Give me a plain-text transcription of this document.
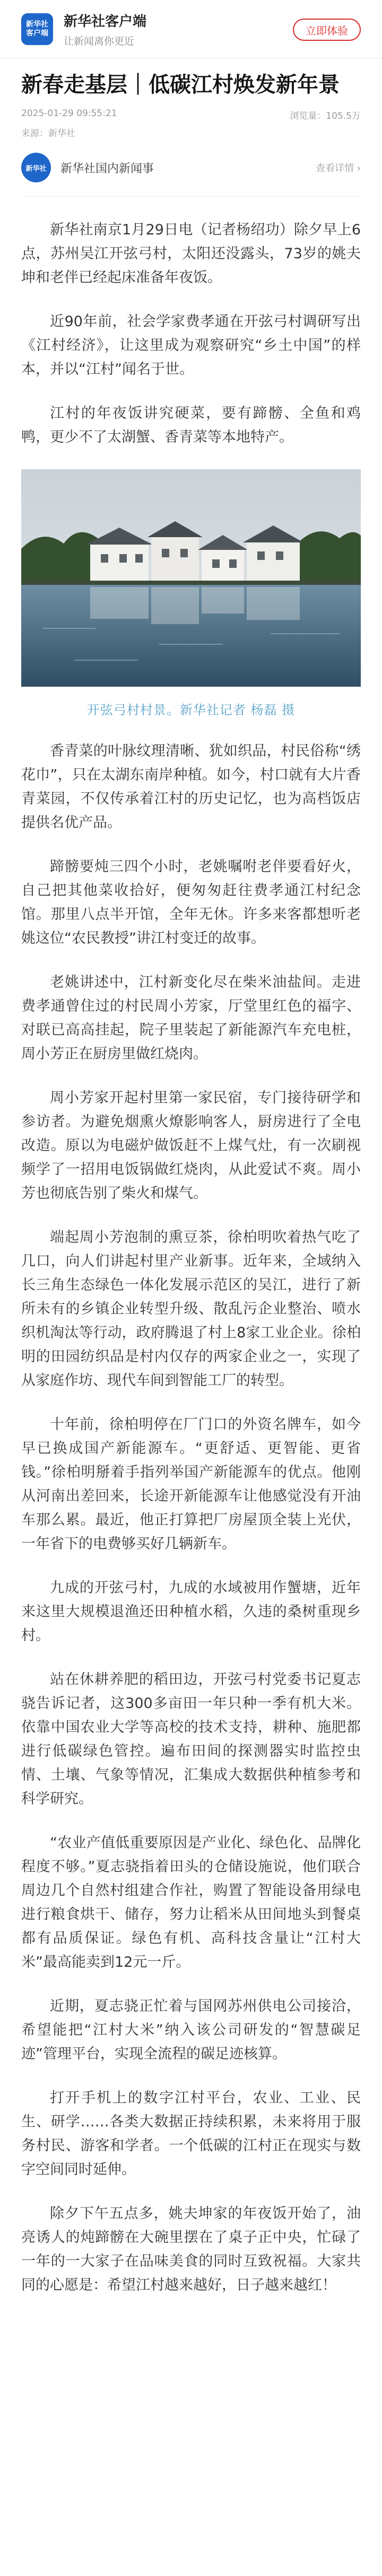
新华社
客户端
新华社客户端
让新闻离你更近
立即体验
新春走基层｜低碳江村焕发新年景
2025-01-29 09:55:21	浏览量：105.5万
来源：新华社
新华社	新华社国内新闻事	查看详情 ›

新华社南京1月29日电（记者杨绍功）除夕早上6点，苏州吴江开弦弓村，太阳还没露头，73岁的姚夫坤和老伴已经起床准备年夜饭。

近90年前，社会学家费孝通在开弦弓村调研写出《江村经济》，让这里成为观察研究“乡土中国”的样本，并以“江村”闻名于世。

江村的年夜饭讲究硬菜，要有蹄髈、全鱼和鸡鸭，更少不了太湖蟹、香青菜等本地特产。

开弦弓村村景。新华社记者 杨磊 摄

香青菜的叶脉纹理清晰、犹如织品，村民俗称“绣花巾”，只在太湖东南岸种植。如今，村口就有大片香青菜园，不仅传承着江村的历史记忆，也为高档饭店提供名优产品。

蹄髈要炖三四个小时，老姚嘱咐老伴要看好火，自己把其他菜收拾好，便匆匆赶往费孝通江村纪念馆。那里八点半开馆，全年无休。许多来客都想听老姚这位“农民教授”讲江村变迁的故事。

老姚讲述中，江村新变化尽在柴米油盐间。走进费孝通曾住过的村民周小芳家，厅堂里红色的福字、对联已高高挂起，院子里装起了新能源汽车充电桩，周小芳正在厨房里做红烧肉。

周小芳家开起村里第一家民宿，专门接待研学和参访者。为避免烟熏火燎影响客人，厨房进行了全电改造。原以为电磁炉做饭赶不上煤气灶，有一次刷视频学了一招用电饭锅做红烧肉，从此爱试不爽。周小芳也彻底告别了柴火和煤气。

端起周小芳泡制的熏豆茶，徐柏明吹着热气吃了几口，向人们讲起村里产业新事。近年来，全域纳入长三角生态绿色一体化发展示范区的吴江，进行了新所未有的乡镇企业转型升级、散乱污企业整治、喷水织机淘汰等行动，政府腾退了村上8家工业企业。徐柏明的田园纺织品是村内仅存的两家企业之一，实现了从家庭作坊、现代车间到智能工厂的转型。

十年前，徐柏明停在厂门口的外资名牌车，如今早已换成国产新能源车。“更舒适、更智能、更省钱。”徐柏明掰着手指列举国产新能源车的优点。他刚从河南出差回来，长途开新能源车让他感觉没有开油车那么累。最近，他正打算把厂房屋顶全装上光伏，一年省下的电费够买好几辆新车。

九成的开弦弓村，九成的水域被用作蟹塘，近年来这里大规模退渔还田种植水稻，久违的桑树重现乡村。

站在休耕养肥的稻田边，开弦弓村党委书记夏志骁告诉记者，这300多亩田一年只种一季有机大米。依靠中国农业大学等高校的技术支持，耕种、施肥都进行低碳绿色管控。遍布田间的探测器实时监控虫情、土壤、气象等情况，汇集成大数据供种植参考和科学研究。

“农业产值低重要原因是产业化、绿色化、品牌化程度不够。”夏志骁指着田头的仓储设施说，他们联合周边几个自然村组建合作社，购置了智能设备用绿电进行粮食烘干、储存，努力让稻米从田间地头到餐桌都有品质保证。绿色有机、高科技含量让“江村大米”最高能卖到12元一斤。

近期，夏志骁正忙着与国网苏州供电公司接洽，希望能把“江村大米”纳入该公司研发的“智慧碳足迹”管理平台，实现全流程的碳足迹核算。

打开手机上的数字江村平台，农业、工业、民生、研学……各类大数据正持续积累，未来将用于服务村民、游客和学者。一个低碳的江村正在现实与数字空间同时延伸。

除夕下午五点多，姚夫坤家的年夜饭开始了，油亮诱人的炖蹄髈在大碗里摆在了桌子正中央，忙碌了一年的一大家子在品味美食的同时互致祝福。大家共同的心愿是：希望江村越来越好，日子越来越红！
